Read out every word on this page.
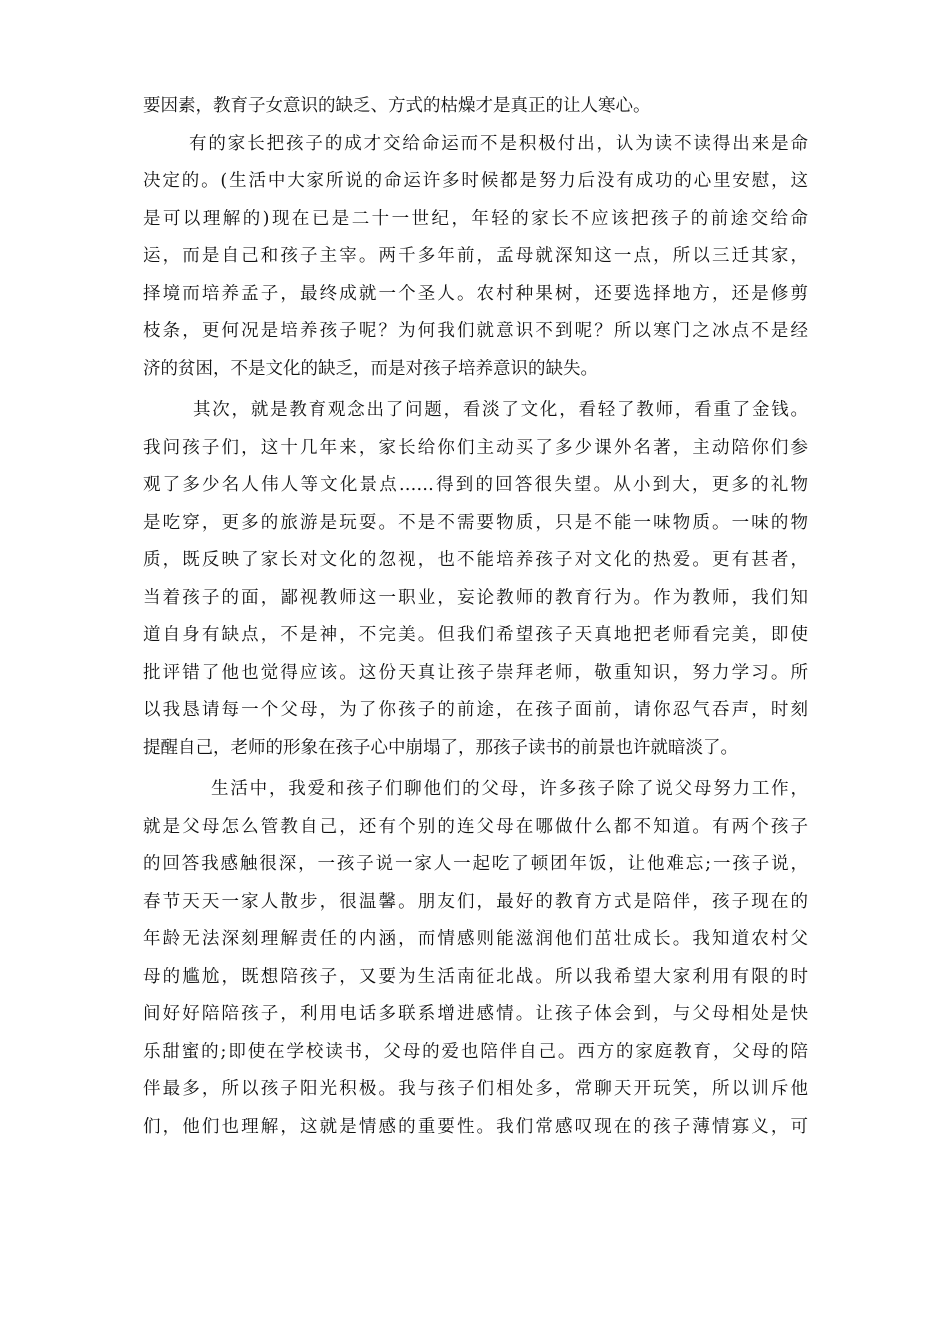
要因素，教育子女意识的缺乏、方式的枯燥才是真正的让人寒心。
有的家长把孩子的成才交给命运而不是积极付出，认为读不读得出来是命
决定的。(生活中大家所说的命运许多时候都是努力后没有成功的心里安慰，这
是可以理解的)现在已是二十一世纪，年轻的家长不应该把孩子的前途交给命
运，而是自己和孩子主宰。两千多年前，孟母就深知这一点，所以三迁其家，
择境而培养孟子，最终成就一个圣人。农村种果树，还要选择地方，还是修剪
枝条，更何况是培养孩子呢？为何我们就意识不到呢？所以寒门之冰点不是经
济的贫困，不是文化的缺乏，而是对孩子培养意识的缺失。
其次，就是教育观念出了问题，看淡了文化，看轻了教师，看重了金钱。
我问孩子们，这十几年来，家长给你们主动买了多少课外名著，主动陪你们参
观了多少名人伟人等文化景点……得到的回答很失望。从小到大，更多的礼物
是吃穿，更多的旅游是玩耍。不是不需要物质，只是不能一味物质。一味的物
质，既反映了家长对文化的忽视，也不能培养孩子对文化的热爱。更有甚者，
当着孩子的面，鄙视教师这一职业，妄论教师的教育行为。作为教师，我们知
道自身有缺点，不是神，不完美。但我们希望孩子天真地把老师看完美，即使
批评错了他也觉得应该。这份天真让孩子崇拜老师，敬重知识，努力学习。所
以我恳请每一个父母，为了你孩子的前途，在孩子面前，请你忍气吞声，时刻
提醒自己，老师的形象在孩子心中崩塌了，那孩子读书的前景也许就暗淡了。
生活中，我爱和孩子们聊他们的父母，许多孩子除了说父母努力工作，
就是父母怎么管教自己，还有个别的连父母在哪做什么都不知道。有两个孩子
的回答我感触很深，一孩子说一家人一起吃了顿团年饭，让他难忘;一孩子说，
春节天天一家人散步，很温馨。朋友们，最好的教育方式是陪伴，孩子现在的
年龄无法深刻理解责任的内涵，而情感则能滋润他们茁壮成长。我知道农村父
母的尴尬，既想陪孩子，又要为生活南征北战。所以我希望大家利用有限的时
间好好陪陪孩子，利用电话多联系增进感情。让孩子体会到，与父母相处是快
乐甜蜜的;即使在学校读书，父母的爱也陪伴自己。西方的家庭教育，父母的陪
伴最多，所以孩子阳光积极。我与孩子们相处多，常聊天开玩笑，所以训斥他
们，他们也理解，这就是情感的重要性。我们常感叹现在的孩子薄情寡义，可
